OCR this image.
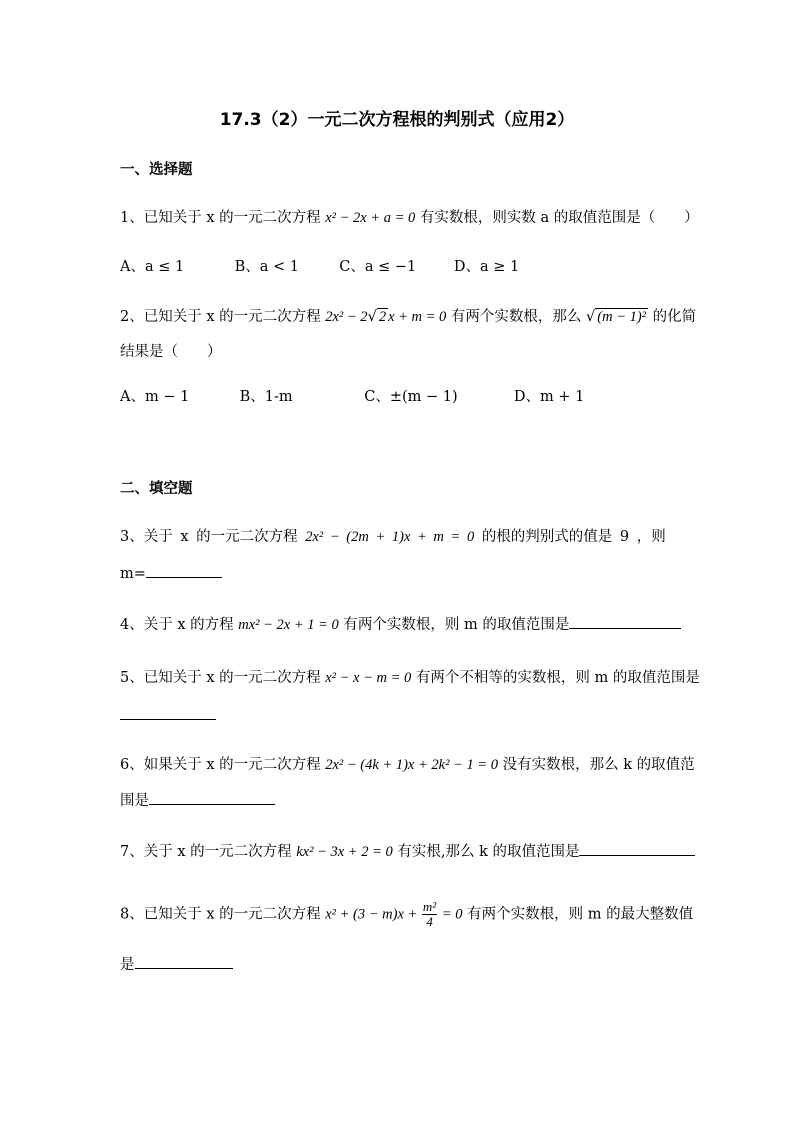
17.3（2）一元二次方程根的判别式（应用2）
一、选择题
1、已知关于 x 的一元二次方程 x² − 2x + a = 0 有实数根，则实数 a 的取值范围是（　　）
A、a ≤ 1	B、a < 1	C、a ≤ −1	D、a ≥ 1
2、已知关于 x 的一元二次方程 2x² − 2√ 2 x + m = 0 有两个实数根，那么 √ (m − 1)² 的化简
结果是（　　）
A、m − 1	B、1-m	C、±(m − 1)	D、m + 1
二、填空题
3、关于 x 的一元二次方程 2x² − (2m + 1)x + m = 0 的根的判别式的值是 9 ，则
m=
4、关于 x 的方程 mx² − 2x + 1 = 0 有两个实数根，则 m 的取值范围是
5、已知关于 x 的一元二次方程 x² − x − m = 0 有两个不相等的实数根，则 m 的取值范围是
6、如果关于 x 的一元二次方程 2x² − (4k + 1)x + 2k² − 1 = 0 没有实数根，那么 k 的取值范
围是
7、关于 x 的一元二次方程 kx² − 3x + 2 = 0 有实根,那么 k 的取值范围是
8、已知关于 x 的一元二次方程 $x^2 + (3 - m)x + \frac{\text{m²}}{4} = 0$ 有两个实数根，则 m 的最大整数值
是
